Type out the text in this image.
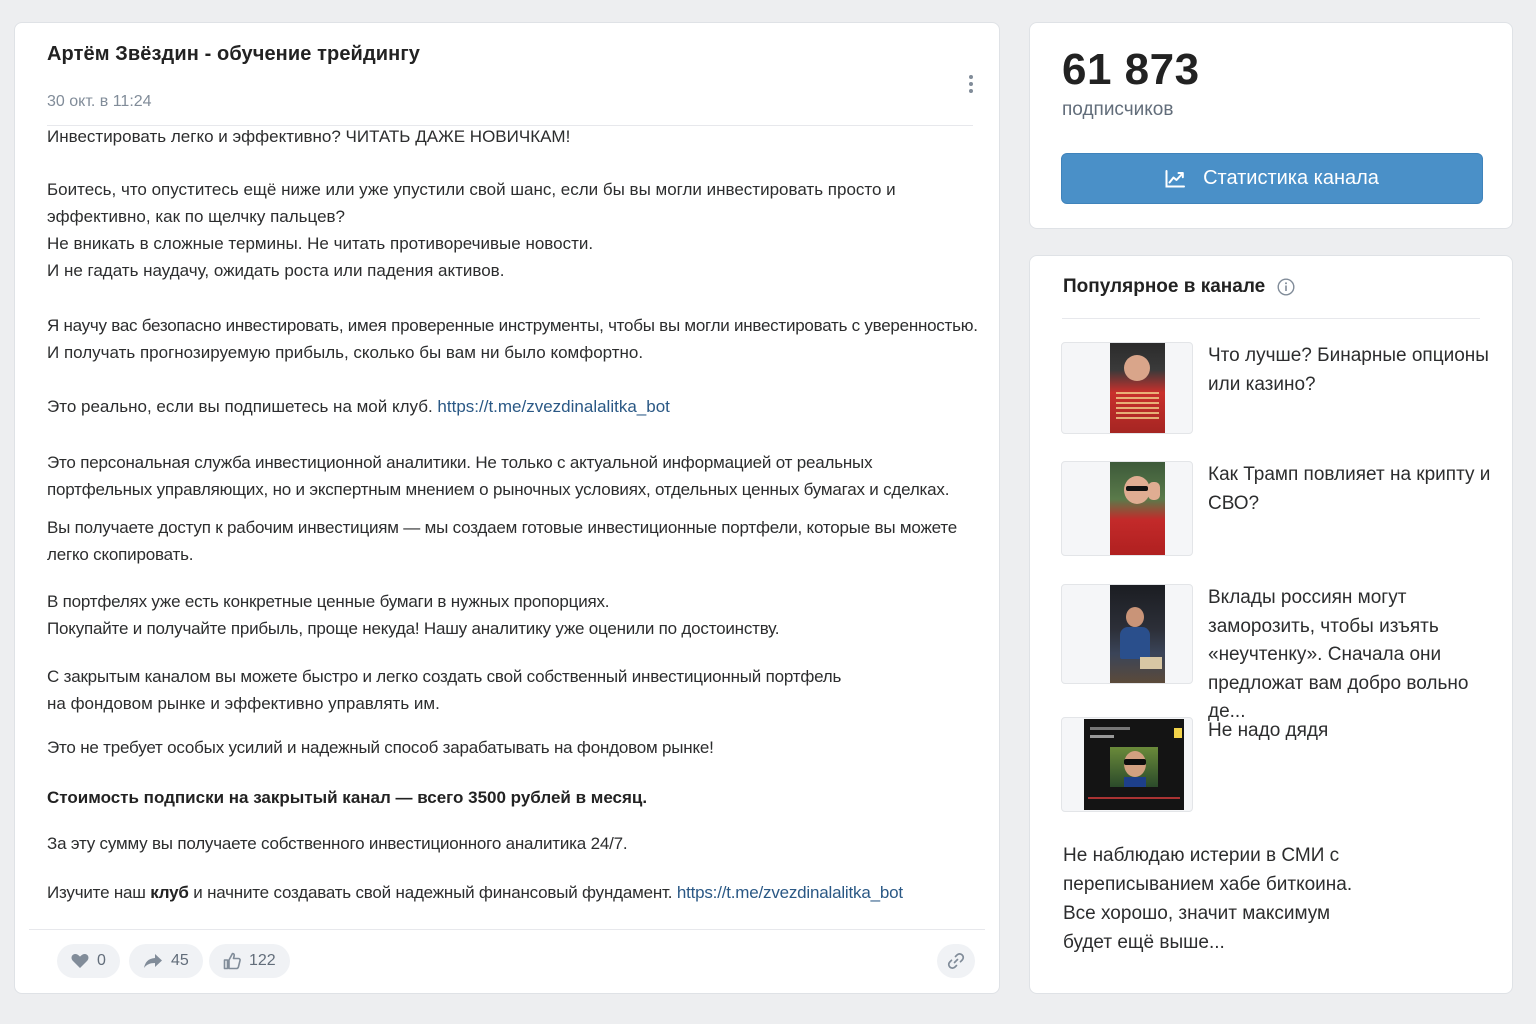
Артём Звёздин - обучение трейдингу
30 окт. в 11:24

Инвестировать легко и эффективно? ЧИТАТЬ ДАЖЕ НОВИЧКАМ!

Боитесь, что опуститесь ещё ниже или уже упустили свой шанс, если бы вы могли инвестировать просто и эффективно, как по щелчку пальцев?

Не вникать в сложные термины. Не читать противоречивые новости.

И не гадать наудачу, ожидать роста или падения активов.

Я научу вас безопасно инвестировать, имея проверенные инструменты, чтобы вы могли инвестировать с уверенностью.

И получать прогнозируемую прибыль, сколько бы вам ни было комфортно.

Это реально, если вы подпишетесь на мой клуб. https://t.me/zvezdinalalitka_bot

Это персональная служба инвестиционной аналитики. Не только с актуальной информацией от реальных портфельных управляющих, но и экспертным мнением о рыночных условиях, отдельных ценных бумагах и сделках.

Вы получаете доступ к рабочим инвестициям — мы создаем готовые инвестиционные портфели, которые вы можете легко скопировать.

В портфелях уже есть конкретные ценные бумаги в нужных пропорциях.

Покупайте и получайте прибыль, проще некуда! Нашу аналитику уже оценили по достоинству.

С закрытым каналом вы можете быстро и легко создать свой собственный инвестиционный портфель

на фондовом рынке и эффективно управлять им.

Это не требует особых усилий и надежный способ зарабатывать на фондовом рынке!

Стоимость подписки на закрытый канал — всего 3500 рублей в месяц.

За эту сумму вы получаете собственного инвестиционного аналитика 24/7.

Изучите наш клуб и начните создавать свой надежный финансовый фундамент. https://t.me/zvezdinalalitka_bot

0	45	122
61 873
подписчиков
Статистика канала
Популярное в канале
Что лучше? Бинарные опционы или казино?
Как Трамп повлияет на крипту и СВО?
Вклады россиян могут заморозить, чтобы изъять «неучтенку». Сначала они предложат вам добро вольно де...
Не надо дядя
Не наблюдаю истерии в СМИ с переписыванием хабе биткоина. Все хорошо, значит максимум будет ещё выше...
